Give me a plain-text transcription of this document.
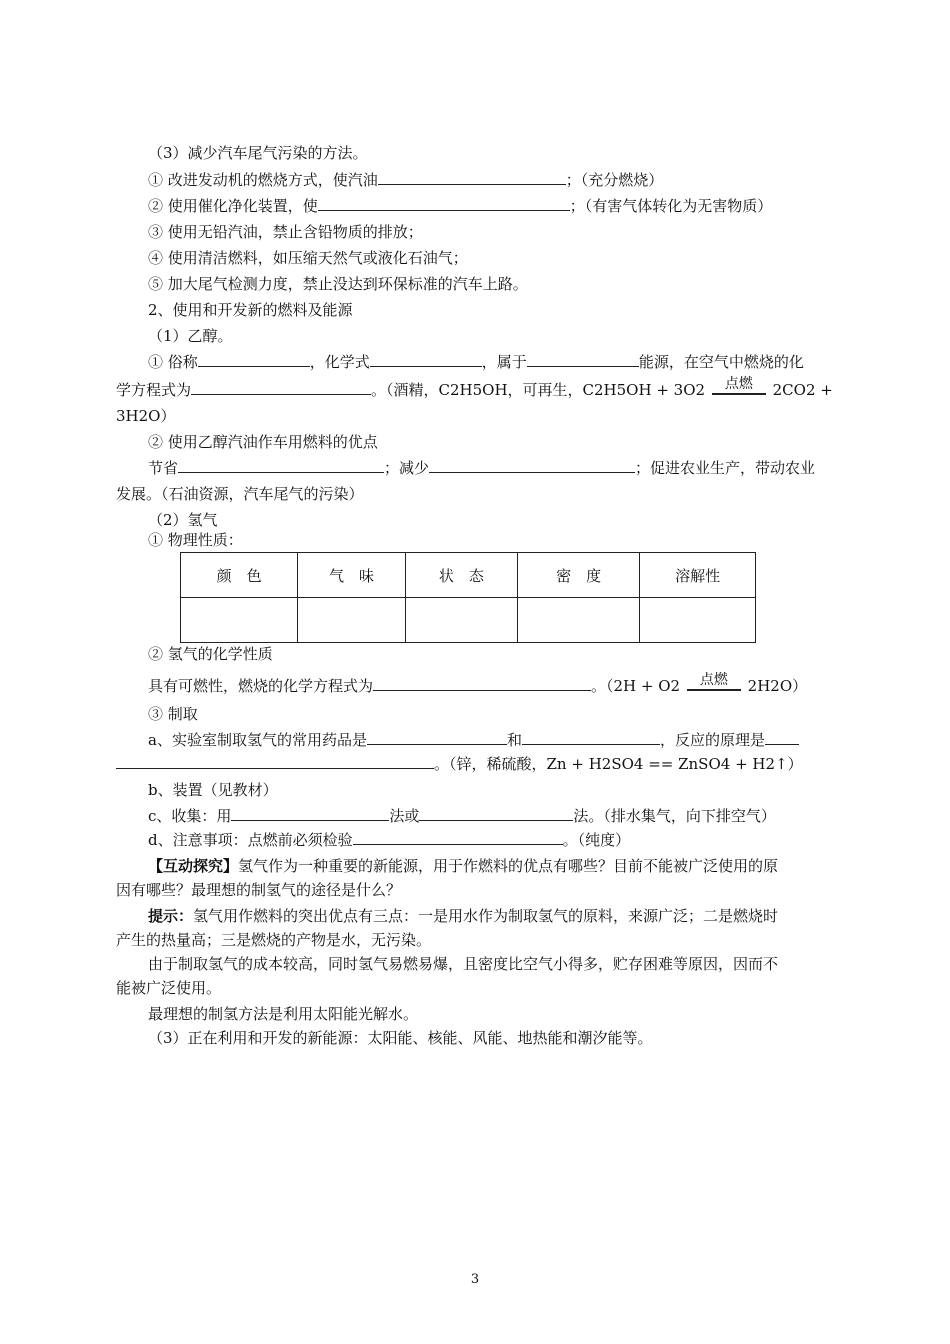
（3）减少汽车尾气污染的方法。
① 改进发动机的燃烧方式，使汽油	；（充分燃烧）
② 使用催化净化装置，使	；（有害气体转化为无害物质）
③ 使用无铅汽油，禁止含铅物质的排放；
④ 使用清洁燃料，如压缩天然气或液化石油气；
⑤ 加大尾气检测力度，禁止没达到环保标准的汽车上路。
2、使用和开发新的燃料及能源
（1）乙醇。
① 俗称	，化学式	，属于	能源，在空气中燃烧的化
学方程式为	。（酒精，C2H5OH，可再生，C2H5OH + 3O2	点燃	2CO2 +
3H2O）
② 使用乙醇汽油作车用燃料的优点
节省	；减少	；促进农业生产，带动农业
发展。（石油资源，汽车尾气的污染）
（2）氢气
① 物理性质：
颜　色	气　味	状　态	密　度	溶解性

② 氢气的化学性质
具有可燃性，燃烧的化学方程式为	。（2H + O2	点燃	2H2O）
③ 制取
a、实验室制取氢气的常用药品是	和	，反应的原理是
。（锌，稀硫酸，Zn + H2SO4 == ZnSO4 + H2↑）
b、装置（见教材）
c、收集：用	法或	法。（排水集气，向下排空气）
d、注意事项：点燃前必须检验	。（纯度）
【互动探究】氢气作为一种重要的新能源，用于作燃料的优点有哪些？目前不能被广泛使用的原
因有哪些？最理想的制氢气的途径是什么？
提示：氢气用作燃料的突出优点有三点：一是用水作为制取氢气的原料，来源广泛；二是燃烧时
产生的热量高；三是燃烧的产物是水，无污染。
由于制取氢气的成本较高，同时氢气易燃易爆，且密度比空气小得多，贮存困难等原因，因而不
能被广泛使用。
最理想的制氢方法是利用太阳能光解水。
（3）正在利用和开发的新能源：太阳能、核能、风能、地热能和潮汐能等。
3
